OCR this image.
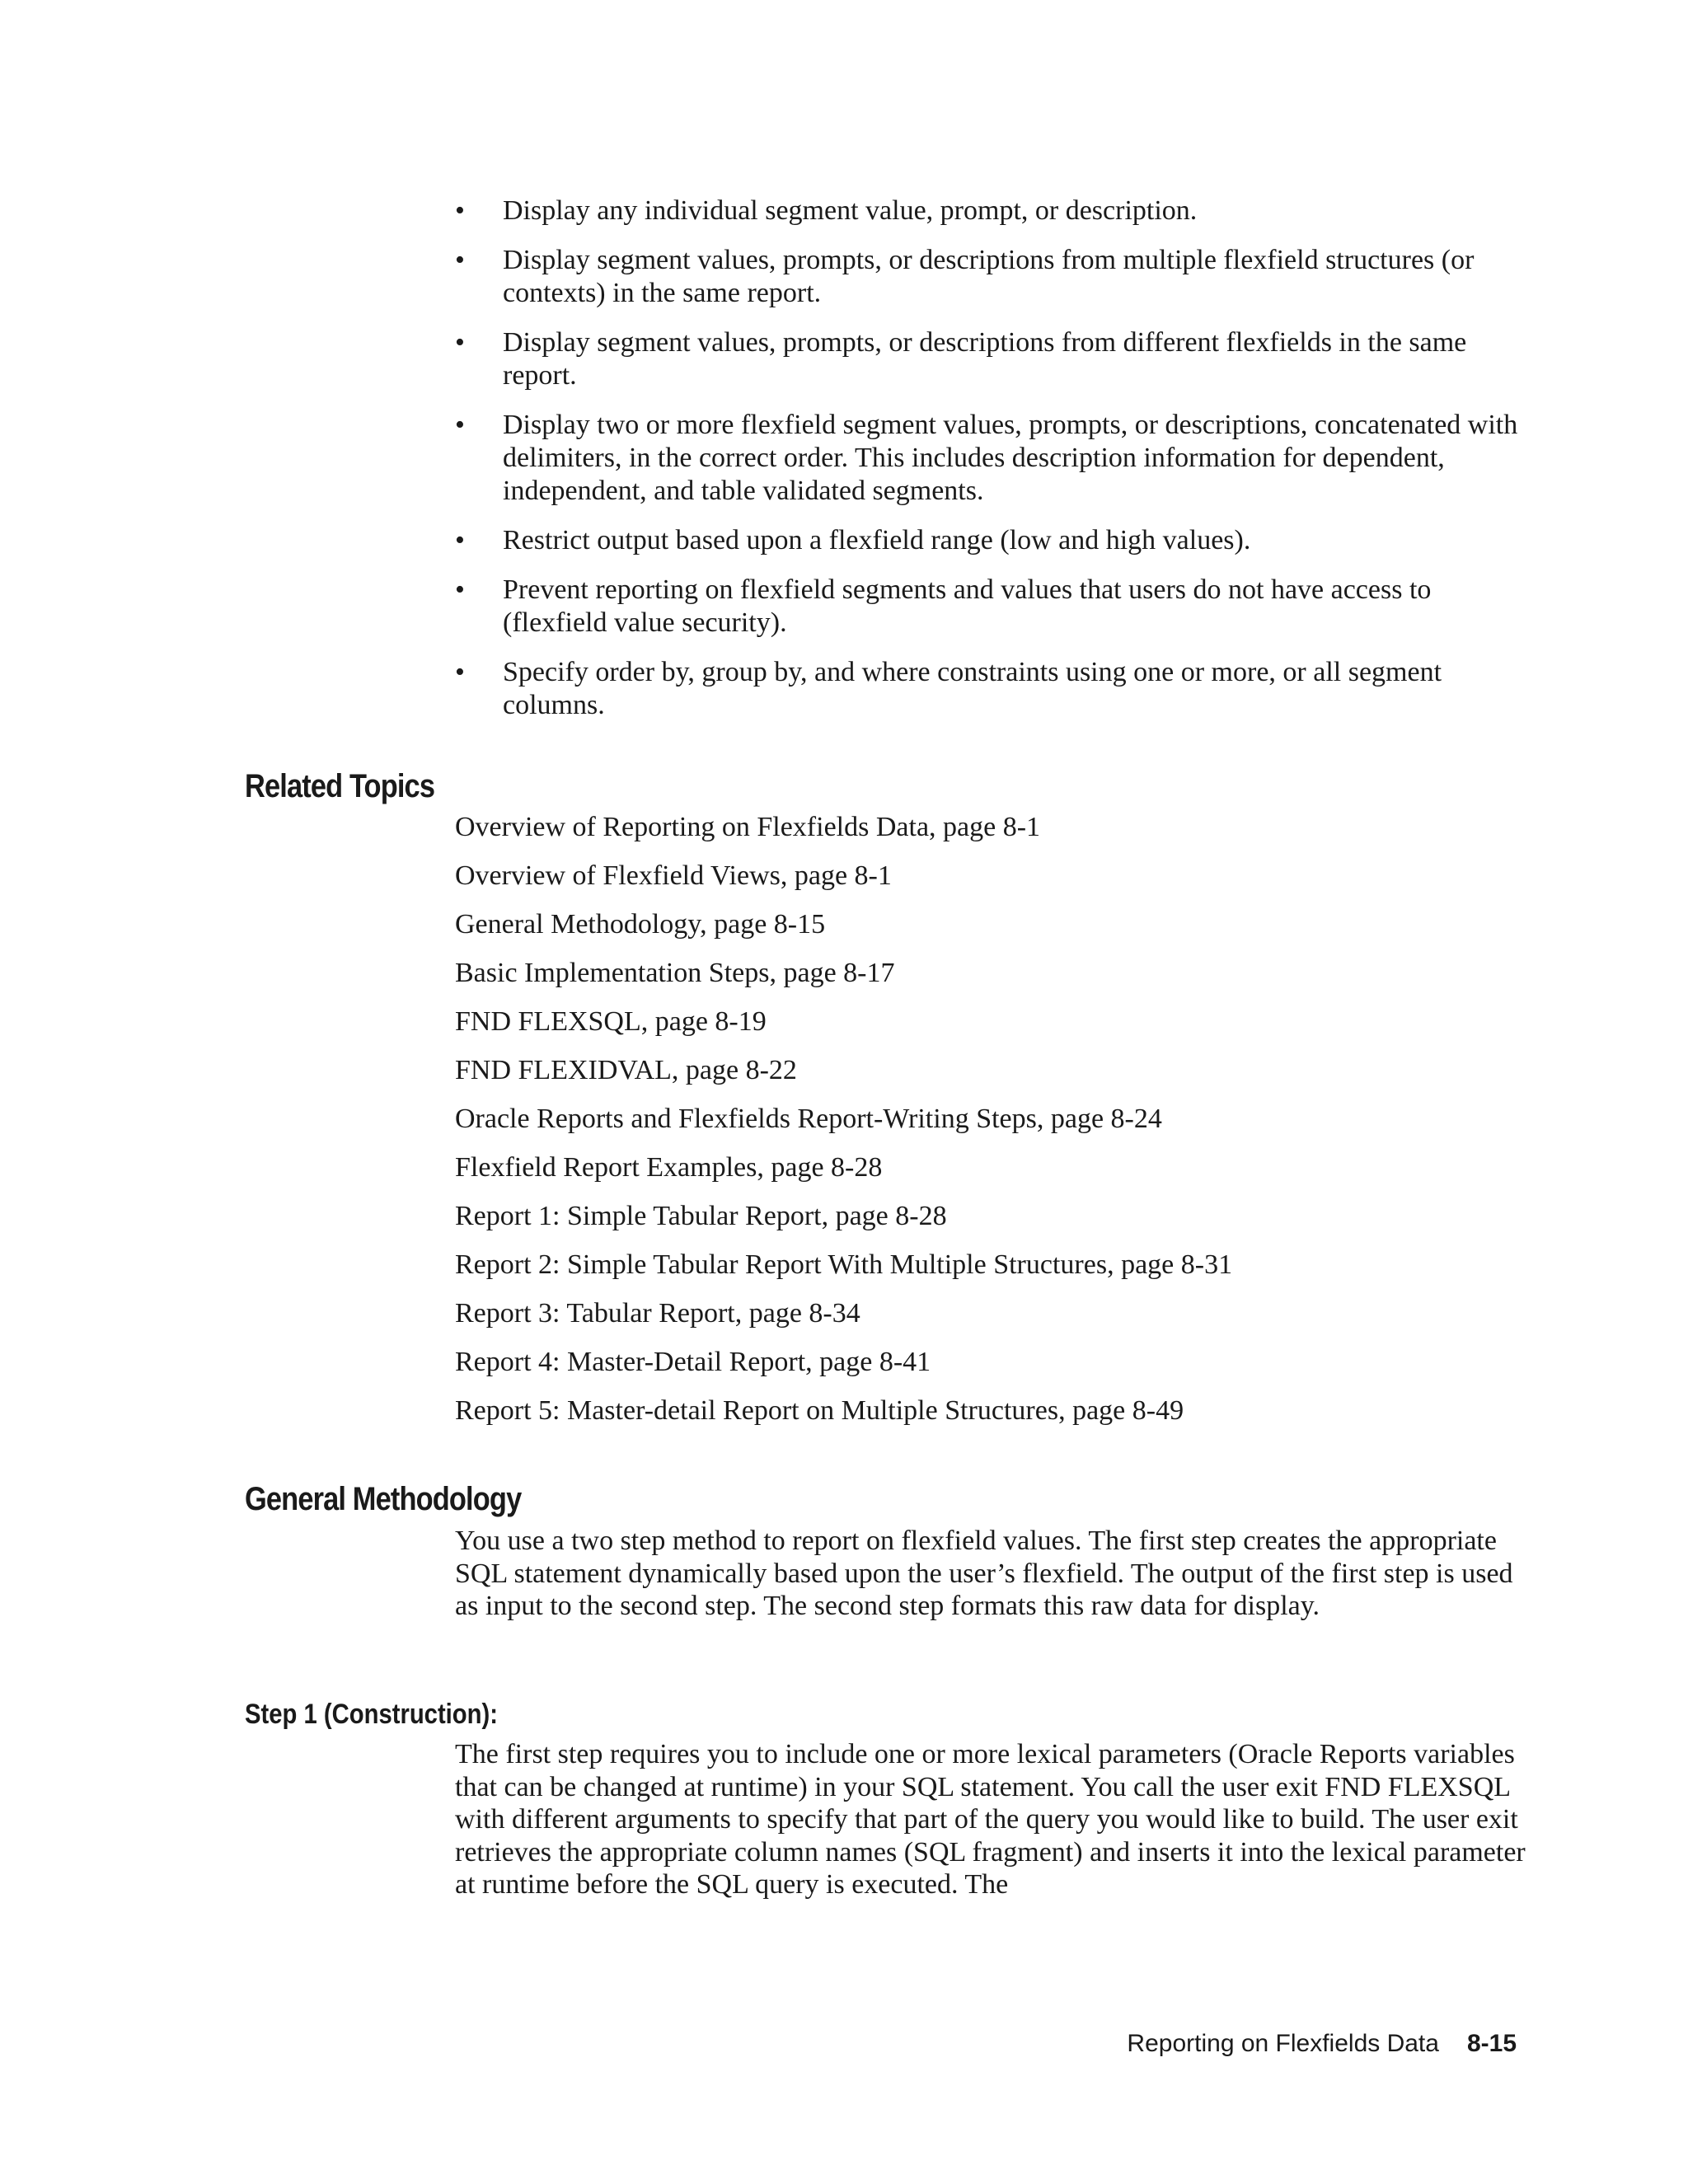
•	Display any individual segment value, prompt, or description.
•	Display segment values, prompts, or descriptions from multiple flexfield structures (or contexts) in the same report.
•	Display segment values, prompts, or descriptions from different flexfields in the same report.
•	Display two or more flexfield segment values, prompts, or descriptions, concatenated with delimiters, in the correct order. This includes description information for dependent, independent, and table validated segments.
•	Restrict output based upon a flexfield range (low and high values).
•	Prevent reporting on flexfield segments and values that users do not have access to (flexfield value security).
•	Specify order by, group by, and where constraints using one or more, or all segment columns.
Related Topics
Overview of Reporting on Flexfields Data, page 8-1
Overview of Flexfield Views, page 8-1
General Methodology, page 8-15
Basic Implementation Steps, page 8-17
FND FLEXSQL, page 8-19
FND FLEXIDVAL, page 8-22
Oracle Reports and Flexfields Report-Writing Steps, page 8-24
Flexfield Report Examples, page 8-28
Report 1: Simple Tabular Report, page 8-28
Report 2: Simple Tabular Report With Multiple Structures, page 8-31
Report 3: Tabular Report, page 8-34
Report 4: Master-Detail Report, page 8-41
Report 5: Master-detail Report on Multiple Structures, page 8-49
General Methodology

You use a two step method to report on flexfield values. The first step creates the appropriate SQL statement dynamically based upon the user’s flexfield. The output of the first step is used as input to the second step. The second step formats this raw data for display.

Step 1 (Construction):

The first step requires you to include one or more lexical parameters (Oracle Reports variables that can be changed at runtime) in your SQL statement. You call the user exit FND FLEXSQL with different arguments to specify that part of the query you would like to build. The user exit retrieves the appropriate column names (SQL fragment) and inserts it into the lexical parameter at runtime before the SQL query is executed. The

Reporting on Flexfields Data 8-15
